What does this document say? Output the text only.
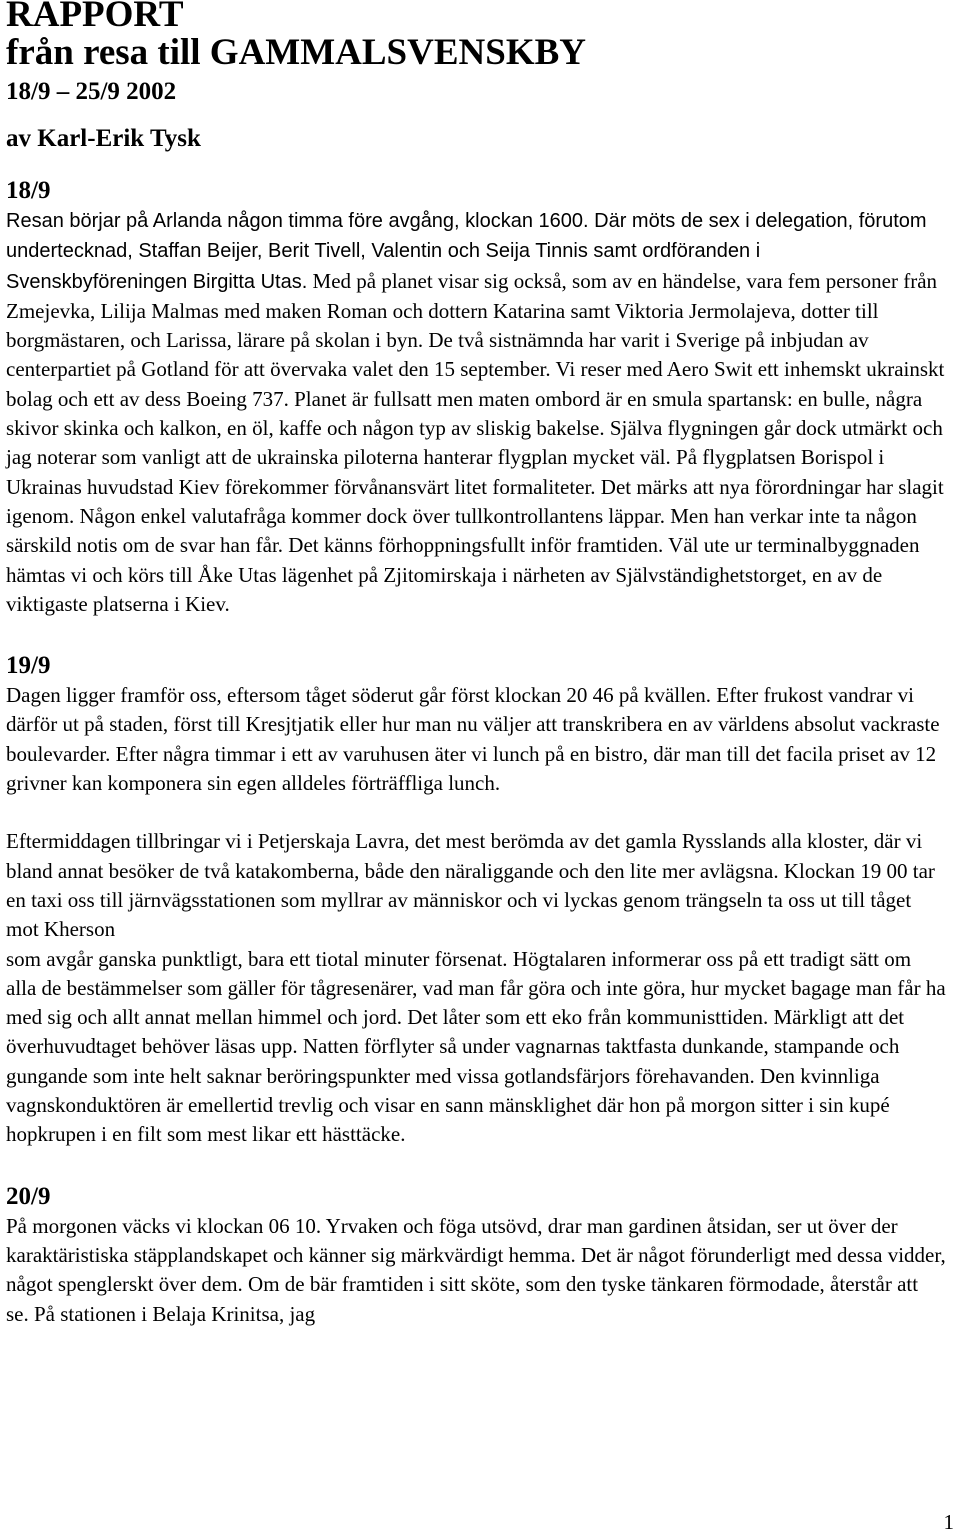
RAPPORT

från resa till GAMMALSVENSKBY

18/9 – 25/9 2002

av Karl-Erik Tysk

18/9

Resan börjar på Arlanda någon timma före avgång, klockan 1600. Där möts de sex i delegation, förutom undertecknad, Staffan Beijer, Berit Tivell, Valentin och Seija Tinnis samt ordföranden i Svenskbyföreningen Birgitta Utas. Med på planet visar sig också, som av en händelse, vara fem personer från Zmejevka, Lilija Malmas med maken Roman och dottern Katarina samt Viktoria Jermolajeva, dotter till borgmästaren, och Larissa, lärare på skolan i byn. De två sistnämnda har varit i Sverige på inbjudan av centerpartiet på Gotland för att övervaka valet den 15 september. Vi reser med Aero Swit ett inhemskt ukrainskt bolag och ett av dess Boeing 737. Planet är fullsatt men maten ombord är en smula spartansk: en bulle, några skivor skinka och kalkon, en öl, kaffe och någon typ av sliskig bakelse. Själva flygningen går dock utmärkt och jag noterar som vanligt att de ukrainska piloterna hanterar flygplan mycket väl. På flygplatsen Borispol i Ukrainas huvudstad Kiev förekommer förvånansvärt litet formaliteter. Det märks att nya förordningar har slagit igenom. Någon enkel valutafråga kommer dock över tullkontrollantens läppar. Men han verkar inte ta någon särskild notis om de svar han får. Det känns förhoppningsfullt inför framtiden. Väl ute ur terminalbyggnaden hämtas vi och körs till Åke Utas lägenhet på Zjitomirskaja i närheten av Självständighetstorget, en av de viktigaste platserna i Kiev.

19/9

Dagen ligger framför oss, eftersom tåget söderut går först klockan 20 46 på kvällen. Efter frukost vandrar vi därför ut på staden, först till Kresjtjatik eller hur man nu väljer att transkribera en av världens absolut vackraste boulevarder. Efter några timmar i ett av varuhusen äter vi lunch på en bistro, där man till det facila priset av 12 grivner kan komponera sin egen alldeles förträffliga lunch.

Eftermiddagen tillbringar vi i Petjerskaja Lavra, det mest berömda av det gamla Rysslands alla kloster, där vi bland annat besöker de två katakomberna, både den näraliggande och den lite mer avlägsna. Klockan 19 00 tar en taxi oss till järnvägsstationen som myllrar av människor och vi lyckas genom trängseln ta oss ut till tåget mot Kherson

som avgår ganska punktligt, bara ett tiotal minuter försenat. Högtalaren informerar oss på ett tradigt sätt om alla de bestämmelser som gäller för tågresenärer, vad man får göra och inte göra, hur mycket bagage man får ha med sig och allt annat mellan himmel och jord. Det låter som ett eko från kommunisttiden. Märkligt att det överhuvudtaget behöver läsas upp. Natten förflyter så under vagnarnas taktfasta dunkande, stampande och gungande som inte helt saknar beröringspunkter med vissa gotlandsfärjors förehavanden. Den kvinnliga vagnskonduktören är emellertid trevlig och visar en sann mänsklighet där hon på morgon sitter i sin kupé hopkrupen i en filt som mest likar ett hästtäcke.

20/9

På morgonen väcks vi klockan 06 10. Yrvaken och föga utsövd, drar man gardinen åtsidan, ser ut över der karaktäristiska stäpplandskapet och känner sig märkvärdigt hemma. Det är något förunderligt med dessa vidder, något spenglerskt över dem. Om de bär framtiden i sitt sköte, som den tyske tänkaren förmodade, återstår att se. På stationen i Belaja Krinitsa, jag

1
